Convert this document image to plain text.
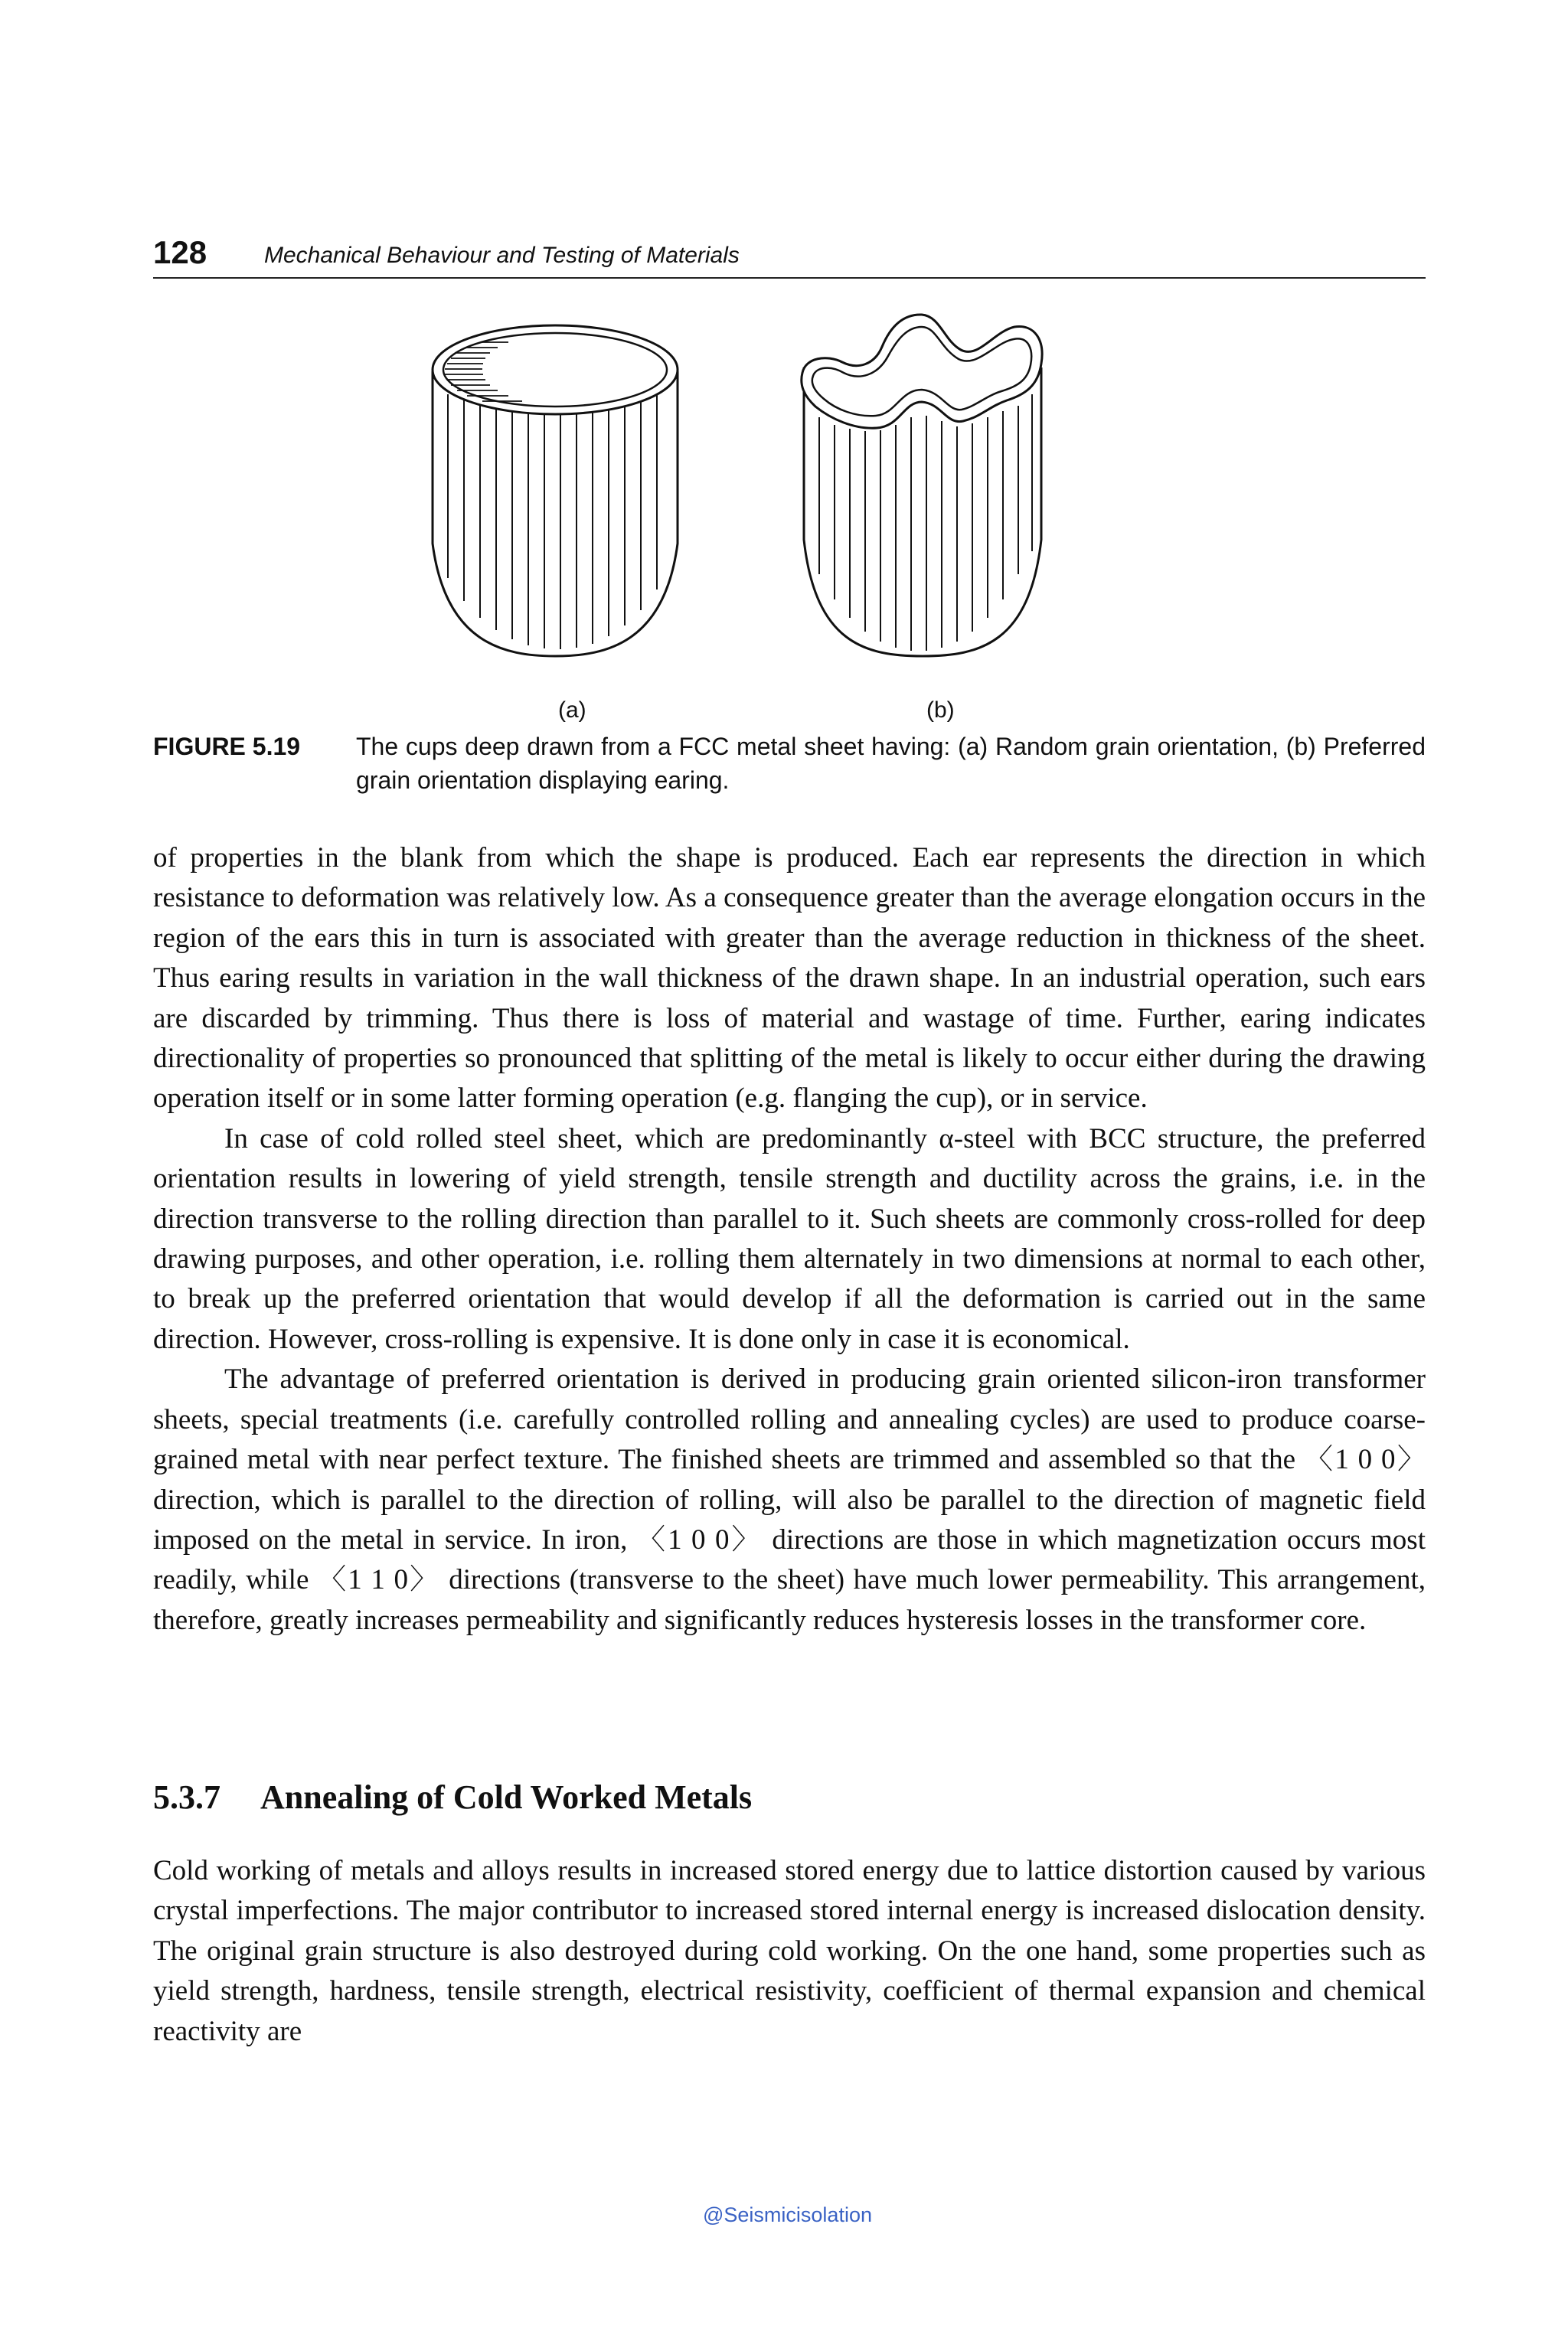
128 Mechanical Behaviour and Testing of Materials
(a)	(b)
FIGURE 5.19 The cups deep drawn from a FCC metal sheet having: (a) Random grain orientation, (b) Preferred grain orientation displaying earing.

of properties in the blank from which the shape is produced. Each ear represents the direction in which resistance to deformation was relatively low. As a consequence greater than the average elongation occurs in the region of the ears this in turn is associated with greater than the average reduction in thickness of the sheet. Thus earing results in variation in the wall thickness of the drawn shape. In an industrial operation, such ears are discarded by trimming. Thus there is loss of material and wastage of time. Further, earing indicates directionality of properties so pronounced that splitting of the metal is likely to occur either during the drawing operation itself or in some latter forming operation (e.g. flanging the cup), or in service.

In case of cold rolled steel sheet, which are predominantly α-steel with BCC structure, the preferred orientation results in lowering of yield strength, tensile strength and ductility across the grains, i.e. in the direction transverse to the rolling direction than parallel to it. Such sheets are commonly cross-rolled for deep drawing purposes, and other operation, i.e. rolling them alternately in two dimensions at normal to each other, to break up the preferred orientation that would develop if all the deformation is carried out in the same direction. However, cross-rolling is expensive. It is done only in case it is economical.

The advantage of preferred orientation is derived in producing grain oriented silicon-iron transformer sheets, special treatments (i.e. carefully controlled rolling and annealing cycles) are used to produce coarse-grained metal with near perfect texture. The finished sheets are trimmed and assembled so that the 〈1 0 0〉 direction, which is parallel to the direction of rolling, will also be parallel to the direction of magnetic field imposed on the metal in service. In iron, 〈1 0 0〉 directions are those in which magnetization occurs most readily, while 〈1 1 0〉 directions (transverse to the sheet) have much lower permeability. This arrangement, therefore, greatly increases permeability and significantly reduces hysteresis losses in the transformer core.

5.3.7 Annealing of Cold Worked Metals

Cold working of metals and alloys results in increased stored energy due to lattice distortion caused by various crystal imperfections. The major contributor to increased stored internal energy is increased dislocation density. The original grain structure is also destroyed during cold working. On the one hand, some properties such as yield strength, hardness, tensile strength, electrical resistivity, coefficient of thermal expansion and chemical reactivity are

@Seismicisolation
